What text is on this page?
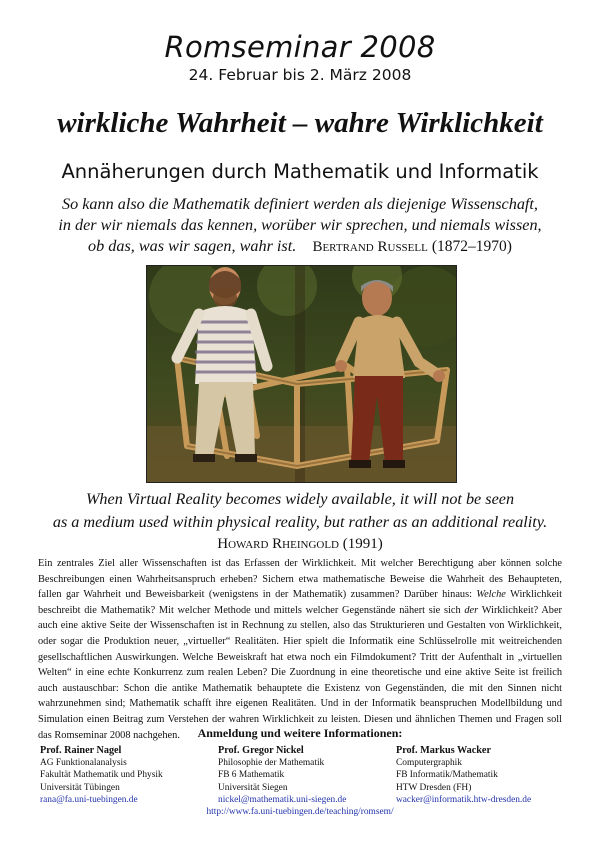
Romseminar 2008
24. Februar bis 2. März 2008
wirkliche Wahrheit – wahre Wirklichkeit
Annäherungen durch Mathematik und Informatik
So kann also die Mathematik definiert werden als diejenige Wissenschaft,
in der wir niemals das kennen, worüber wir sprechen, und niemals wissen,
ob das, was wir sagen, wahr ist. Bertrand Russell (1872–1970)
When Virtual Reality becomes widely available, it will not be seen
as a medium used within physical reality, but rather as an additional reality.
Howard Rheingold (1991)
Ein zentrales Ziel aller Wissenschaften ist das Erfassen der Wirklichkeit. Mit welcher Berechtigung aber können solche Beschreibungen einen Wahrheitsanspruch erheben? Sichern etwa mathematische Beweise die Wahrheit des Behaupteten, fallen gar Wahrheit und Beweisbarkeit (wenigstens in der Mathematik) zusammen? Darüber hinaus: Welche Wirklichkeit beschreibt die Mathematik? Mit welcher Methode und mittels welcher Gegenstände nähert sie sich der Wirklichkeit? Aber auch eine aktive Seite der Wissenschaften ist in Rechnung zu stellen, also das Strukturieren und Gestalten von Wirklichkeit, oder sogar die Produktion neuer, „virtueller“ Realitäten. Hier spielt die Informatik eine Schlüsselrolle mit weitreichenden gesellschaftlichen Auswirkungen. Welche Beweiskraft hat etwa noch ein Filmdokument? Tritt der Aufenthalt in „virtuellen Welten“ in eine echte Konkurrenz zum realen Leben? Die Zuordnung in eine theoretische und eine aktive Seite ist freilich auch austauschbar: Schon die antike Mathematik behauptete die Existenz von Gegenständen, die mit den Sinnen nicht wahrzunehmen sind; Mathematik schafft ihre eigenen Realitäten. Und in der Informatik beanspruchen Modellbildung und Simulation einen Beitrag zum Verstehen der wahren Wirklichkeit zu leisten. Diesen und ähnlichen Themen und Fragen soll das Romseminar 2008 nachgehen.	Anmeldung und weitere Informationen:
Prof. Rainer Nagel
AG Funktionalanalysis
Fakultät Mathematik und Physik
Universität Tübingen
rana@fa.uni-tuebingen.de
Prof. Gregor Nickel
Philosophie der Mathematik
FB 6 Mathematik
Universität Siegen
nickel@mathematik.uni-siegen.de
Prof. Markus Wacker
Computergraphik
FB Informatik/Mathematik
HTW Dresden (FH)
wacker@informatik.htw-dresden.de
http://www.fa.uni-tuebingen.de/teaching/romsem/
